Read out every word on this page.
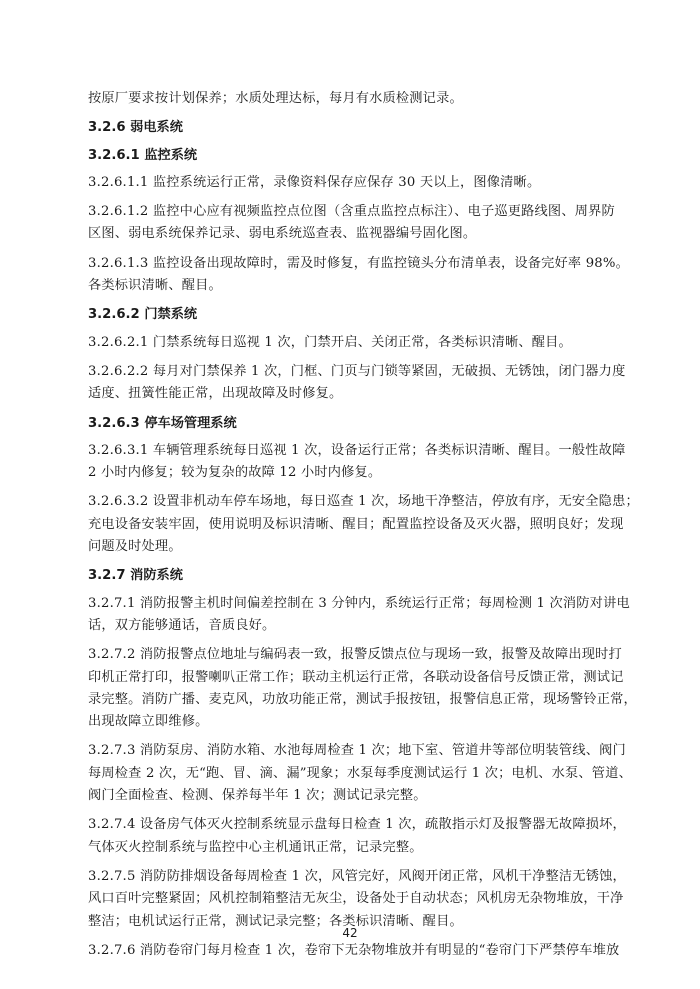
按原厂要求按计划保养；水质处理达标，每月有水质检测记录。

3.2.6 弱电系统

3.2.6.1 监控系统

3.2.6.1.1 监控系统运行正常，录像资料保存应保存 30 天以上，图像清晰。

3.2.6.1.2 监控中心应有视频监控点位图（含重点监控点标注）、电子巡更路线图、周界防

区图、弱电系统保养记录、弱电系统巡查表、监视器编号固化图。

3.2.6.1.3 监控设备出现故障时，需及时修复，有监控镜头分布清单表，设备完好率 98%。

各类标识清晰、醒目。

3.2.6.2 门禁系统

3.2.6.2.1 门禁系统每日巡视 1 次，门禁开启、关闭正常，各类标识清晰、醒目。

3.2.6.2.2 每月对门禁保养 1 次，门框、门页与门锁等紧固，无破损、无锈蚀，闭门器力度

适度、扭簧性能正常，出现故障及时修复。

3.2.6.3 停车场管理系统

3.2.6.3.1 车辆管理系统每日巡视 1 次，设备运行正常；各类标识清晰、醒目。一般性故障

2 小时内修复；较为复杂的故障 12 小时内修复。

3.2.6.3.2 设置非机动车停车场地，每日巡查 1 次，场地干净整洁，停放有序，无安全隐患；

充电设备安装牢固，使用说明及标识清晰、醒目；配置监控设备及灭火器，照明良好；发现

问题及时处理。

3.2.7 消防系统

3.2.7.1 消防报警主机时间偏差控制在 3 分钟内，系统运行正常；每周检测 1 次消防对讲电

话，双方能够通话，音质良好。

3.2.7.2 消防报警点位地址与编码表一致，报警反馈点位与现场一致，报警及故障出现时打

印机正常打印，报警喇叭正常工作；联动主机运行正常，各联动设备信号反馈正常，测试记

录完整。消防广播、麦克风，功放功能正常，测试手报按钮，报警信息正常，现场警铃正常，

出现故障立即维修。

3.2.7.3 消防泵房、消防水箱、水池每周检查 1 次；地下室、管道井等部位明装管线、阀门

每周检查 2 次，无“跑、冒、滴、漏”现象；水泵每季度测试运行 1 次；电机、水泵、管道、

阀门全面检查、检测、保养每半年 1 次；测试记录完整。

3.2.7.4 设备房气体灭火控制系统显示盘每日检查 1 次，疏散指示灯及报警器无故障损坏，

气体灭火控制系统与监控中心主机通讯正常，记录完整。

3.2.7.5 消防防排烟设备每周检查 1 次，风管完好，风阀开闭正常，风机干净整洁无锈蚀，

风口百叶完整紧固；风机控制箱整洁无灰尘，设备处于自动状态；风机房无杂物堆放，干净

整洁；电机试运行正常，测试记录完整；各类标识清晰、醒目。

3.2.7.6 消防卷帘门每月检查 1 次，卷帘下无杂物堆放并有明显的“卷帘门下严禁停车堆放

42
